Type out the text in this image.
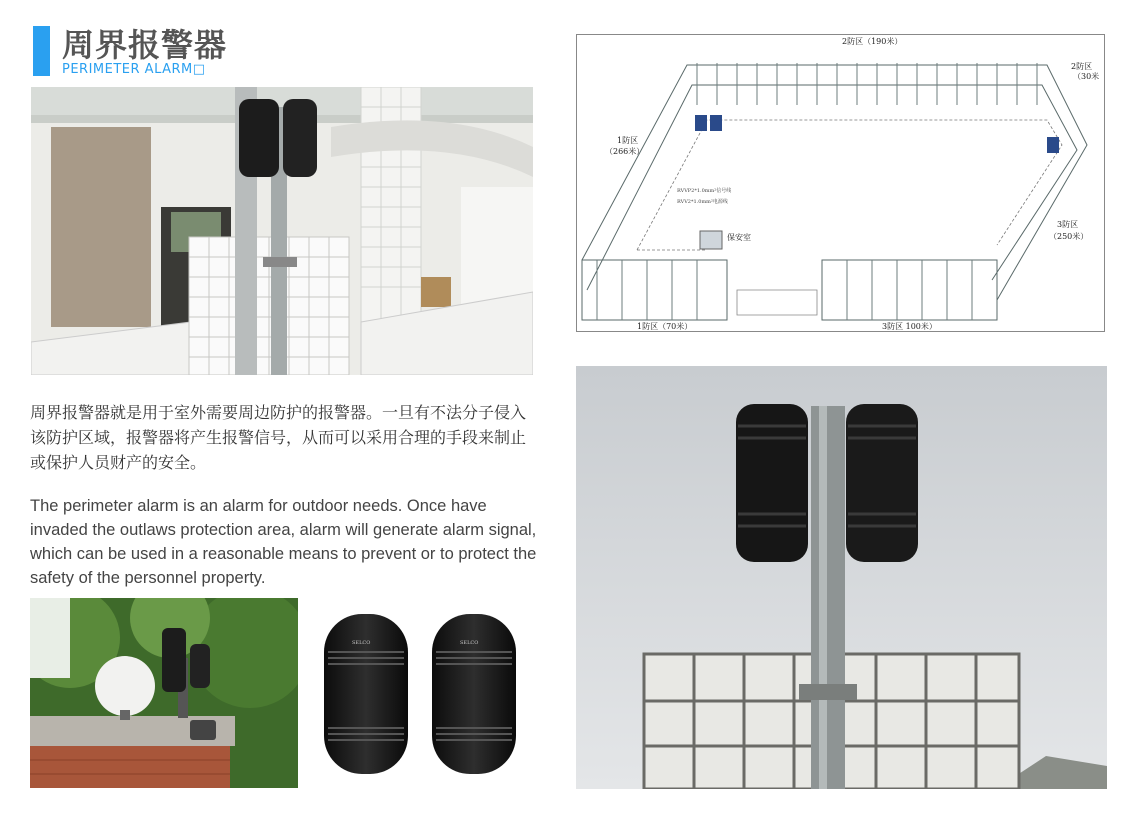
周界报警器
PERIMETER ALARM□
周界报警器就是用于室外需要周边防护的报警器。一旦有不法分子侵入该防护区域，报警器将产生报警信号，从而可以采用合理的手段来制止或保护人员财产的安全。
The perimeter alarm is an alarm for outdoor needs. Once have invaded the outlaws protection area, alarm will generate alarm signal, which can be used in a reasonable means to prevent or to protect the safety of the personnel property.
2防区（190米）
2防区
（30米
1防区
（266米）
3防区
（250米）
保安室
1防区（70米）	3防区 100米）
RVVP2*1.0mm²信号线
RVV2*1.0mm²电源线
SELCO	SELCO
